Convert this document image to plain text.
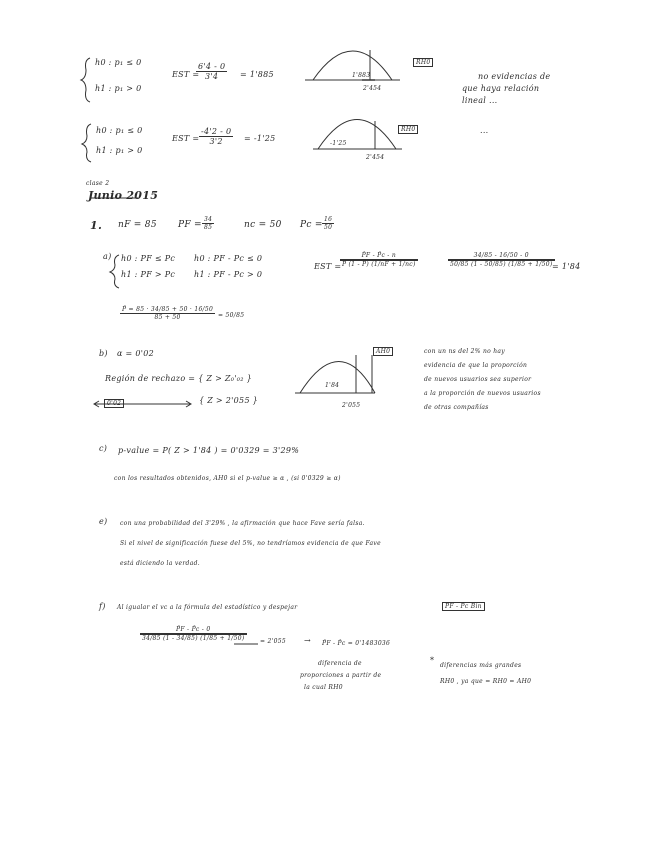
h0 : p₁ ≤ 0
h1 : p₁ > 0
EST =
$\frac{6'4 - 0}{3'4} = 1'885$	1'883
2'454
RH0
no evidencias de
que haya relación
lineal ...
h0 : p₁ ≤ 0
h1 : p₁ > 0
EST = $\frac{-4'2 - 0}{3'2} = -1'25$
-1'25
2'454
RH0	...
clase 2
Junio 2015
1. nF = 85 PF = $\frac{34}{85}$	nc = 50 $Pc = \frac{16}{50}$
a) h0 : PF ≤ Pc
h1 : PF > Pc
h0 : PF - Pc ≤ 0
h1 : PF - Pc > 0
EST =
$\frac{P̂F - P̂c - n}{P̂ (1 - P̂) (1/nF + 1/nc)}$	$\frac{34/85 - 16/50 - 0}{50/85 (1 - 50/85) (1/85 + 1/50)}$
= 1'84
$\frac{P̂ = 85 \cdot 34/85 + 50 \cdot 16/50}{85 + 50} = 50/85$
b) α = 0'02
Región de rechazo = { Z > Z₀'₀₂ }
{ Z > 2'055 }
0'02
1'84
2'055
AH0	con un ns del 2% no hay
evidencia de que la proporción
de nuevos usuarios sea superior
a la proporción de nuevos usuarios
de otras compañías
c) p-value = P( Z > 1'84 ) = 0'0329 = 3'29%
con los resultados obtenidos, AH0 si el p-value ≥ α , (si 0'0329 ≥ α)
e) con una probabilidad del 3'29% , la afirmación que hace Fave sería falsa.
Si el nivel de significación fuese del 5%, no tendríamos evidencia de que Fave
está diciendo la verdad.
f) Al igualar el vc a la fórmula del estadístico y despejar	P̂F - P̂c Bin
$\frac{P̂F - P̂c - 0}{34/85 (1 - 34/85) (1/85 + 1/50)} = 2'055$ → P̂F - P̂c = 0'1483036
diferencia de
proporciones a partir de
la cual RH0
*
diferencias más grandes
RH0 , ya que = RH0 = AH0
